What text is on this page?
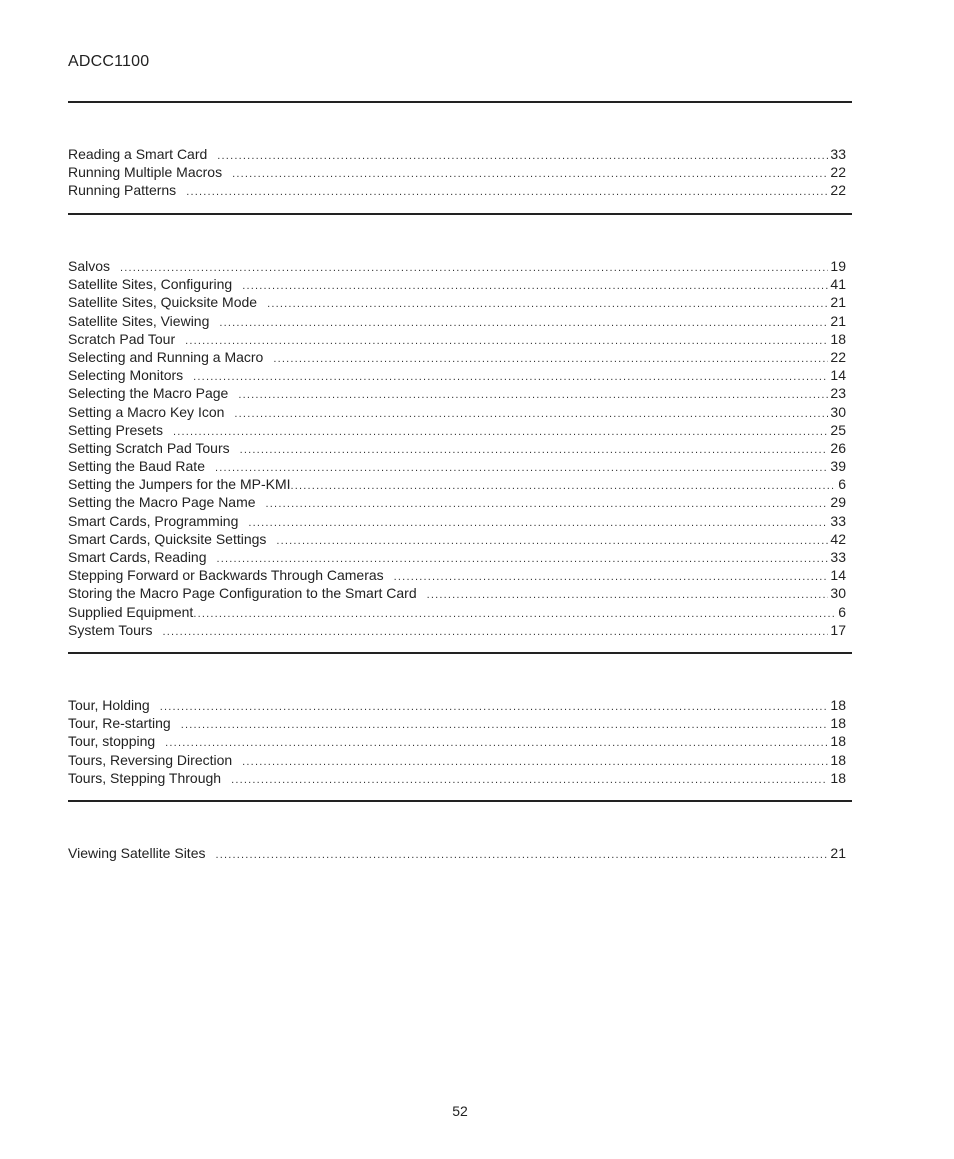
ADCC1100
Reading a Smart Card .....	33
Running Multiple Macros .....	22
Running Patterns .....	22
Salvos .....	19
Satellite Sites, Configuring .....	41
Satellite Sites, Quicksite Mode .....	21
Satellite Sites, Viewing .....	21
Scratch Pad Tour .....	18
Selecting and Running a Macro .....	22
Selecting Monitors .....	14
Selecting the Macro Page .....	23
Setting a Macro Key Icon .....	30
Setting Presets .....	25
Setting Scratch Pad Tours .....	26
Setting the Baud Rate .....	39
Setting the Jumpers for the MP-KMI .....	6
Setting the Macro Page Name .....	29
Smart Cards, Programming .....	33
Smart Cards, Quicksite Settings .....	42
Smart Cards, Reading .....	33
Stepping Forward or Backwards Through Cameras .....	14
Storing the Macro Page Configuration to the Smart Card .....	30
Supplied Equipment .....	6
System Tours .....	17
Tour, Holding .....	18
Tour, Re-starting .....	18
Tour, stopping .....	18
Tours, Reversing Direction .....	18
Tours, Stepping Through .....	18
Viewing Satellite Sites .....	21
52
